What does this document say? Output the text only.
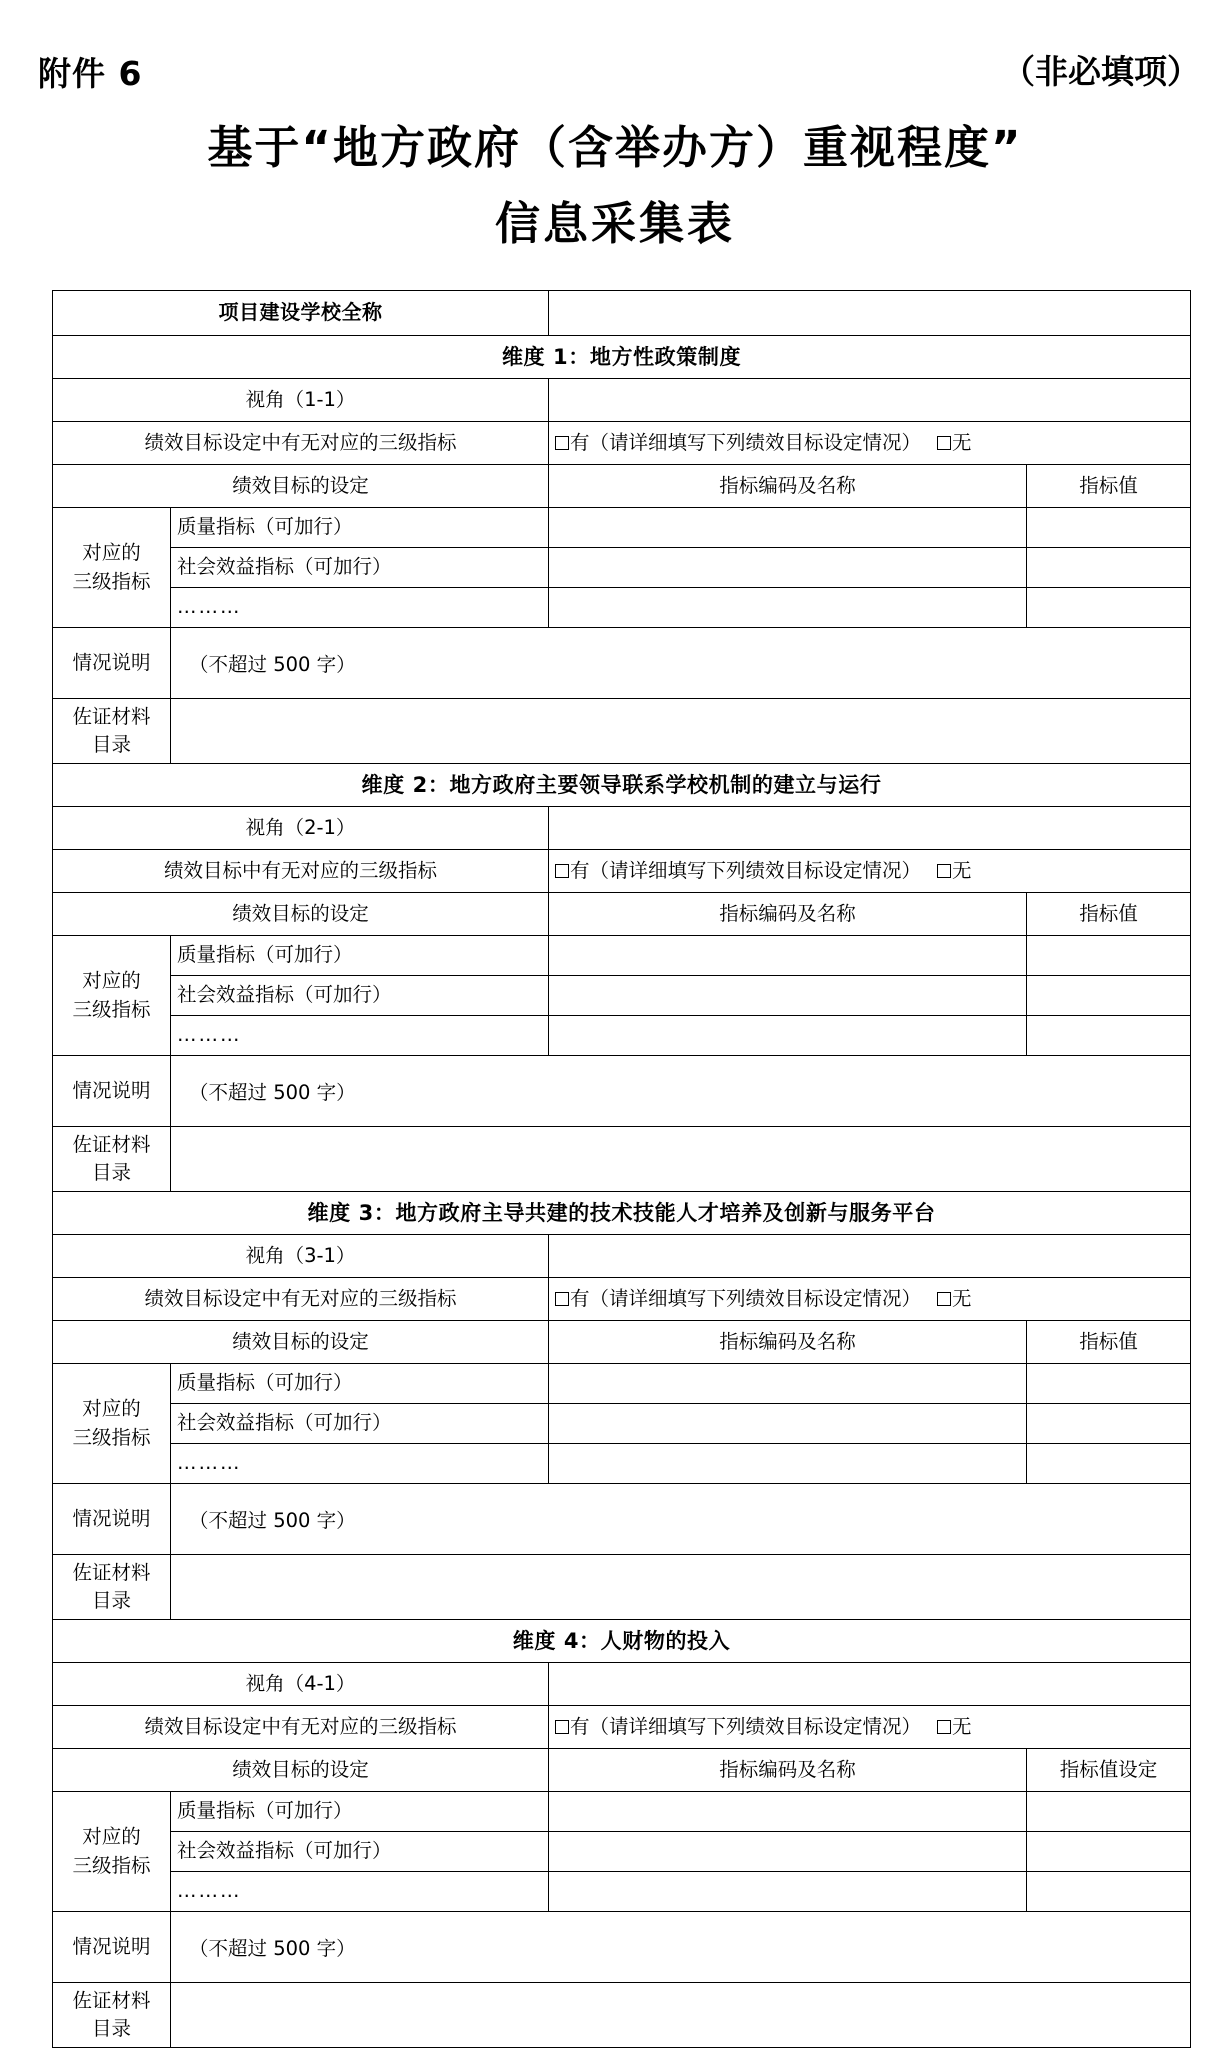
附件 6	（非必填项）
基于“地方政府（含举办方）重视程度”
信息采集表
项目建设学校全称			
维度 1：地方性政策制度			
视角（1-1）			
绩效目标设定中有无对应的三级指标		有（请详细填写下列绩效目标设定情况） 无	
绩效目标的设定		指标编码及名称	指标值
对应的
三级指标	质量指标（可加行）		
	社会效益指标（可加行）		
	………		
情况说明	（不超过 500 字）		

佐证材料
目录			
维度 2：地方政府主要领导联系学校机制的建立与运行			
视角（2-1）			
绩效目标中有无对应的三级指标		有（请详细填写下列绩效目标设定情况） 无	
绩效目标的设定		指标编码及名称	指标值
对应的
三级指标	质量指标（可加行）		
	社会效益指标（可加行）		
	………		
情况说明	（不超过 500 字）		

佐证材料
目录			
维度 3：地方政府主导共建的技术技能人才培养及创新与服务平台			
视角（3-1）			
绩效目标设定中有无对应的三级指标		有（请详细填写下列绩效目标设定情况） 无	
绩效目标的设定		指标编码及名称	指标值
对应的
三级指标	质量指标（可加行）		
	社会效益指标（可加行）		
	………		
情况说明	（不超过 500 字）		

佐证材料
目录			
维度 4：人财物的投入			
视角（4-1）			
绩效目标设定中有无对应的三级指标		有（请详细填写下列绩效目标设定情况） 无	
绩效目标的设定		指标编码及名称	指标值设定
对应的
三级指标	质量指标（可加行）		
	社会效益指标（可加行）		
	………		
情况说明	（不超过 500 字）		

佐证材料
目录			
